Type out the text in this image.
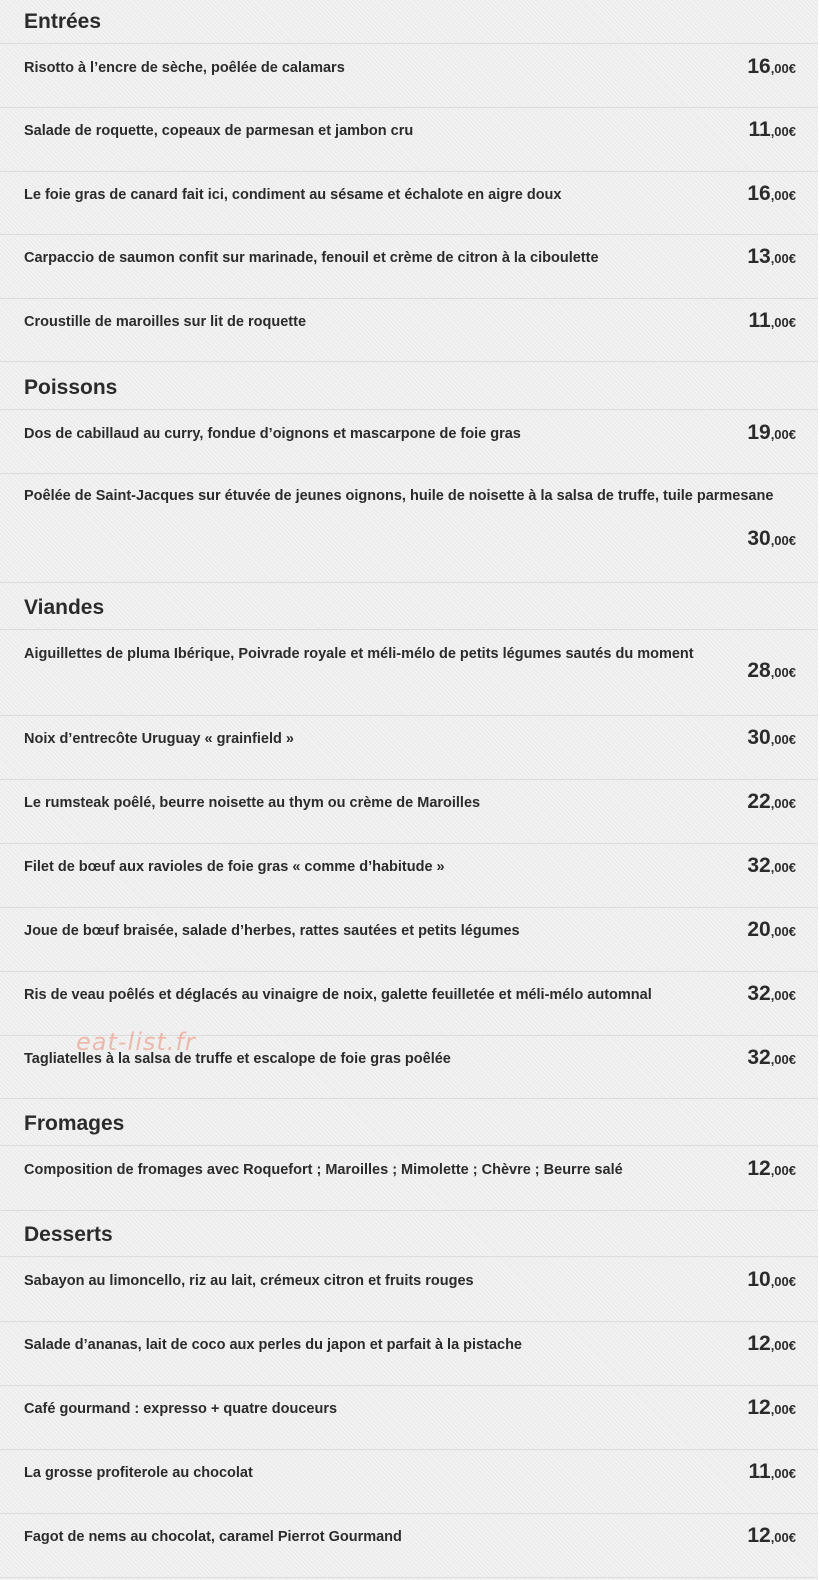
Entrées
Risotto à l’encre de sèche, poêlée de calamars	16,00€
Salade de roquette, copeaux de parmesan et jambon cru	11,00€
Le foie gras de canard fait ici, condiment au sésame et échalote en aigre doux	16,00€
Carpaccio de saumon confit sur marinade, fenouil et crème de citron à la ciboulette	13,00€
Croustille de maroilles sur lit de roquette	11,00€
Poissons
Dos de cabillaud au curry, fondue d’oignons et mascarpone de foie gras	19,00€
Poêlée de Saint-Jacques sur étuvée de jeunes oignons, huile de noisette à la salsa de truffe, tuile parmesane
30,00€
Viandes
Aiguillettes de pluma Ibérique, Poivrade royale et méli-mélo de petits légumes sautés du moment
28,00€
Noix d’entrecôte Uruguay « grainfield »	30,00€
Le rumsteak poêlé, beurre noisette au thym ou crème de Maroilles	22,00€
Filet de bœuf aux ravioles de foie gras « comme d’habitude »	32,00€
Joue de bœuf braisée, salade d’herbes, rattes sautées et petits légumes	20,00€
Ris de veau poêlés et déglacés au vinaigre de noix, galette feuilletée et méli-mélo automnal	32,00€
Tagliatelles à la salsa de truffe et escalope de foie gras poêlée	32,00€
Fromages
Composition de fromages avec Roquefort ; Maroilles ; Mimolette ; Chèvre ; Beurre salé	12,00€
Desserts
Sabayon au limoncello, riz au lait, crémeux citron et fruits rouges	10,00€
Salade d’ananas, lait de coco aux perles du japon et parfait à la pistache	12,00€
Café gourmand : expresso + quatre douceurs	12,00€
La grosse profiterole au chocolat	11,00€
Fagot de nems au chocolat, caramel Pierrot Gourmand	12,00€
eat-list.fr
